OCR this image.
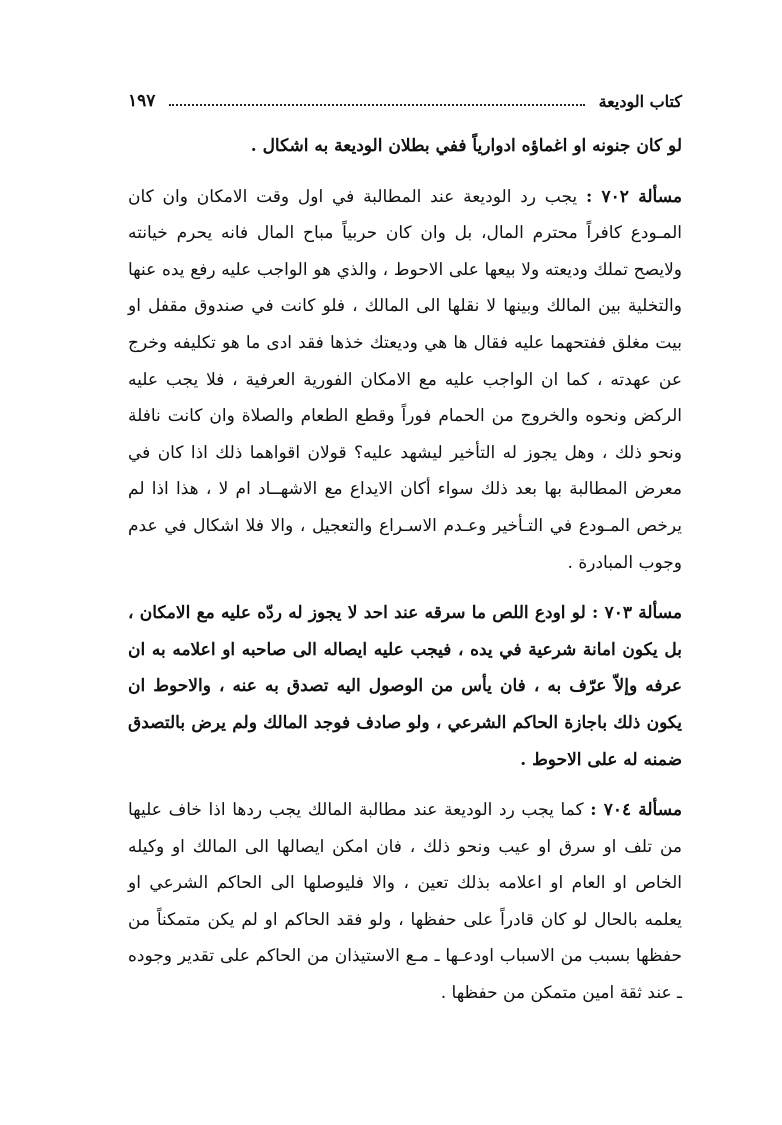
كتاب الوديعة
١٩٧

لو كان جنونه او اغماؤه ادوارياً ففي بطلان الوديعة به اشكال .

مسألة ٧٠٢ : يجب رد الوديعة عند المطالبة في اول وقت الامكان وان كان المـودع كافراً محترم المال، بل وان كان حربياً مباح المال فانه يحرم خيانته ولايصح تملك وديعته ولا بيعها على الاحوط ، والذي هو الواجب عليه رفع يده عنها والتخلية بين المالك وبينها لا نقلها الى المالك ، فلو كانت في صندوق مقفل او بيت مغلق ففتحهما عليه فقال ها هي وديعتك خذها فقد ادى ما هو تكليفه وخرج عن عهدته ، كما ان الواجب عليه مع الامكان الفورية العرفية ، فلا يجب عليه الركض ونحوه والخروج من الحمام فوراً وقطع الطعام والصلاة وان كانت نافلة ونحو ذلك ، وهل يجوز له التأخير ليشهد عليه؟ قولان اقواهما ذلك اذا كان في معرض المطالبة بها بعد ذلك سواء أكان الايداع مع الاشهــاد ام لا ، هذا اذا لم يرخص المـودع في التـأخير وعـدم الاسـراع والتعجيل ، والا فلا اشكال في عدم وجوب المبادرة .

مسألة ٧٠٣ : لو اودع اللص ما سرقه عند احد لا يجوز له ردّه عليه مع الامكان ، بل يكون امانة شرعية في يده ، فيجب عليه ايصاله الى صاحبه او اعلامه به ان عرفه وإلاّ عرّف به ، فان يأس من الوصول اليه تصدق به عنه ، والاحوط ان يكون ذلك باجازة الحاكم الشرعي ، ولو صادف فوجد المالك ولم يرض بالتصدق ضمنه له على الاحوط .

مسألة ٧٠٤ : كما يجب رد الوديعة عند مطالبة المالك يجب ردها اذا خاف عليها من تلف او سرق او عيب ونحو ذلك ، فان امكن ايصالها الى المالك او وكيله الخاص او العام او اعلامه بذلك تعين ، والا فليوصلها الى الحاكم الشرعي او يعلمه بالحال لو كان قادراً على حفظها ، ولو فقد الحاكم او لم يكن متمكناً من حفظها بسبب من الاسباب اودعـها ـ مـع الاستيذان من الحاكم على تقدير وجوده ـ عند ثقة امين متمكن من حفظها .
